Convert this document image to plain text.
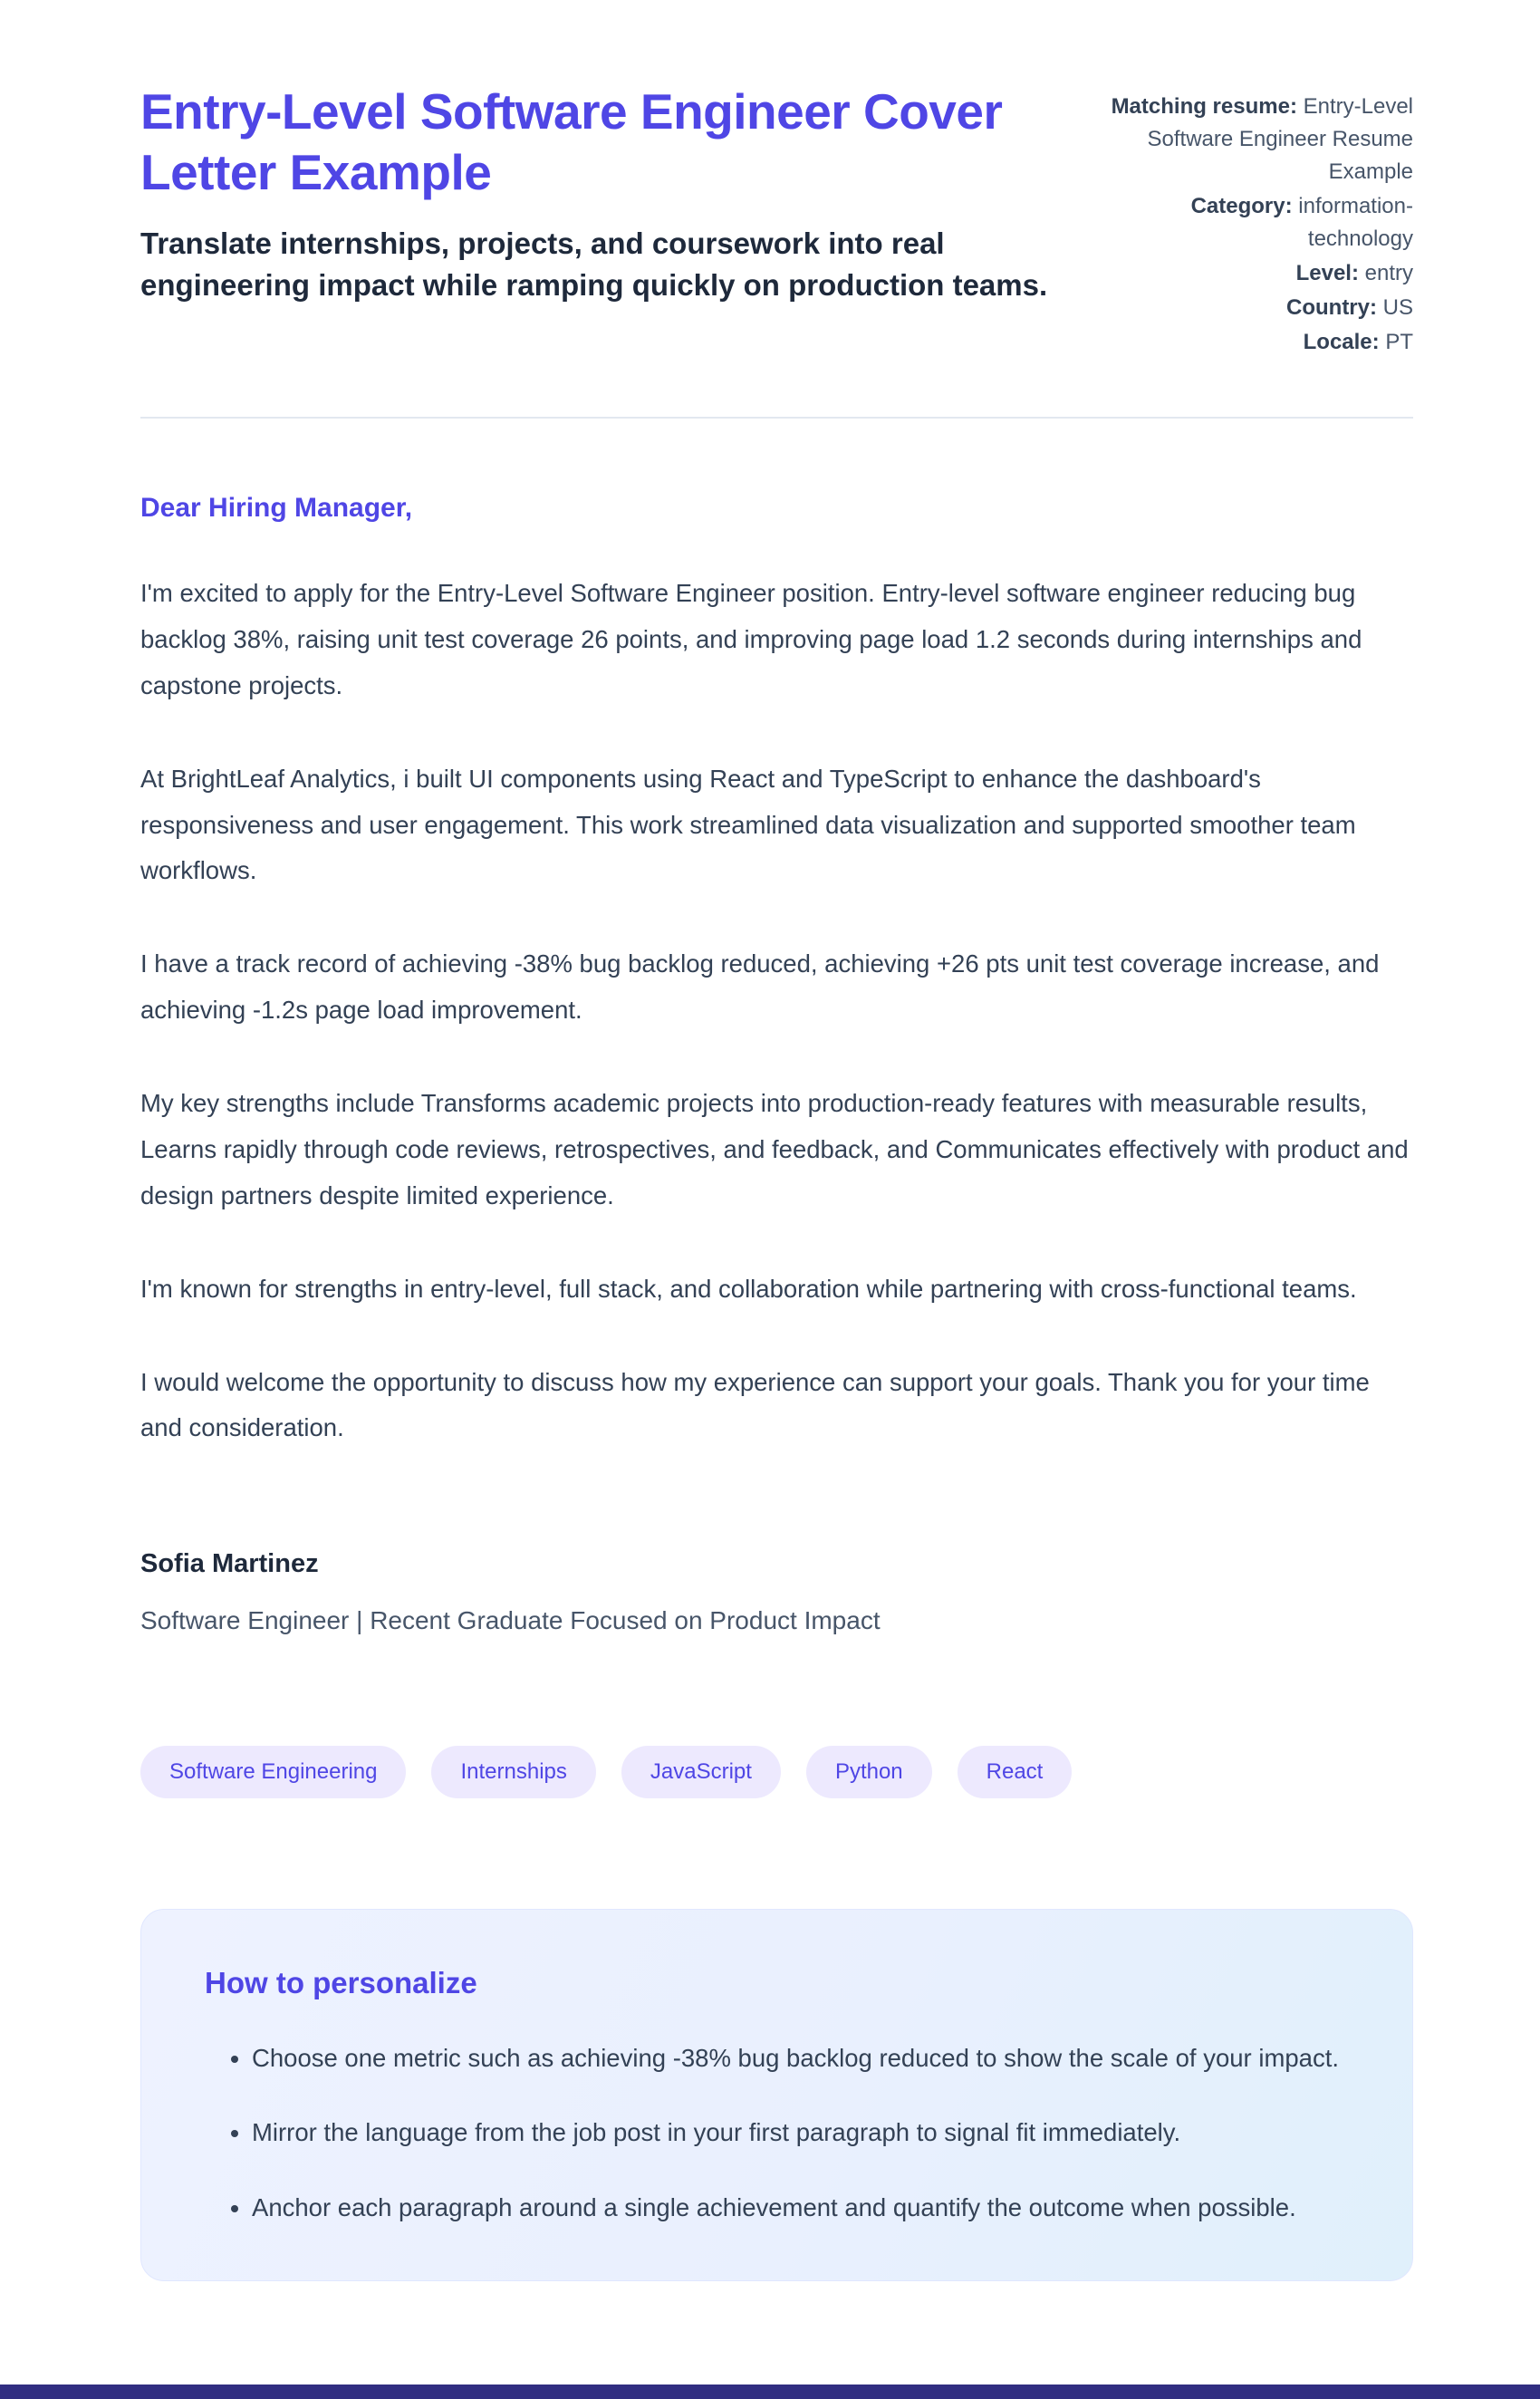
Entry-Level Software Engineer Cover Letter Example
Translate internships, projects, and coursework into real engineering impact while ramping quickly on production teams.
Matching resume: Entry-Level Software Engineer Resume Example
Category: information-technology
Level: entry
Country: US
Locale: PT
Dear Hiring Manager,

I'm excited to apply for the Entry-Level Software Engineer position. Entry-level software engineer reducing bug backlog 38%, raising unit test coverage 26 points, and improving page load 1.2 seconds during internships and capstone projects.

At BrightLeaf Analytics, i built UI components using React and TypeScript to enhance the dashboard's responsiveness and user engagement. This work streamlined data visualization and supported smoother team workflows.

I have a track record of achieving -38% bug backlog reduced, achieving +26 pts unit test coverage increase, and achieving -1.2s page load improvement.

My key strengths include Transforms academic projects into production-ready features with measurable results, Learns rapidly through code reviews, retrospectives, and feedback, and Communicates effectively with product and design partners despite limited experience.

I'm known for strengths in entry-level, full stack, and collaboration while partnering with cross-functional teams.

I would welcome the opportunity to discuss how my experience can support your goals. Thank you for your time and consideration.

Sofia Martinez
Software Engineer | Recent Graduate Focused on Product Impact
Software Engineering	Internships	JavaScript	Python	React
How to personalize
• Choose one metric such as achieving -38% bug backlog reduced to show the scale of your impact.
• Mirror the language from the job post in your first paragraph to signal fit immediately.
• Anchor each paragraph around a single achievement and quantify the outcome when possible.
